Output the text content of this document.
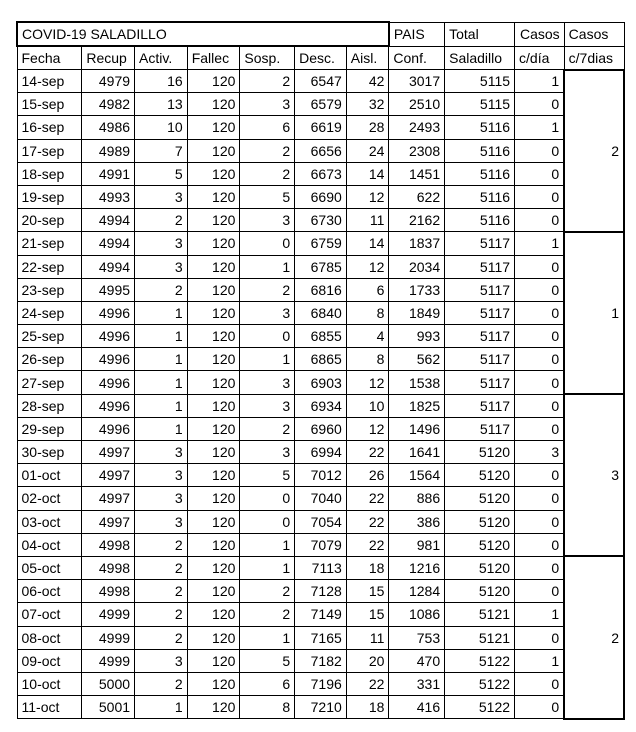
COVID-19 SALADILLO							PAIS	Total	Casos	Casos
Fecha	Recup	Activ.	Fallec	Sosp.	Desc.	Aisl.	Conf.	Saladillo	c/día	c/7dias
14-sep	4979	16	120	2	6547	42	3017	5115	1	2
15-sep	4982	13	120	3	6579	32	2510	5115	0	
16-sep	4986	10	120	6	6619	28	2493	5116	1	
17-sep	4989	7	120	2	6656	24	2308	5116	0	
18-sep	4991	5	120	2	6673	14	1451	5116	0	
19-sep	4993	3	120	5	6690	12	622	5116	0	
20-sep	4994	2	120	3	6730	11	2162	5116	0	
21-sep	4994	3	120	0	6759	14	1837	5117	1	1
22-sep	4994	3	120	1	6785	12	2034	5117	0	
23-sep	4995	2	120	2	6816	6	1733	5117	0	
24-sep	4996	1	120	3	6840	8	1849	5117	0	
25-sep	4996	1	120	0	6855	4	993	5117	0	
26-sep	4996	1	120	1	6865	8	562	5117	0	
27-sep	4996	1	120	3	6903	12	1538	5117	0	
28-sep	4996	1	120	3	6934	10	1825	5117	0	3
29-sep	4996	1	120	2	6960	12	1496	5117	0	
30-sep	4997	3	120	3	6994	22	1641	5120	3	
01-oct	4997	3	120	5	7012	26	1564	5120	0	
02-oct	4997	3	120	0	7040	22	886	5120	0	
03-oct	4997	3	120	0	7054	22	386	5120	0	
04-oct	4998	2	120	1	7079	22	981	5120	0	
05-oct	4998	2	120	1	7113	18	1216	5120	0	2
06-oct	4998	2	120	2	7128	15	1284	5120	0	
07-oct	4999	2	120	2	7149	15	1086	5121	1	
08-oct	4999	2	120	1	7165	11	753	5121	0	
09-oct	4999	3	120	5	7182	20	470	5122	1	
10-oct	5000	2	120	6	7196	22	331	5122	0	
11-oct	5001	1	120	8	7210	18	416	5122	0	
